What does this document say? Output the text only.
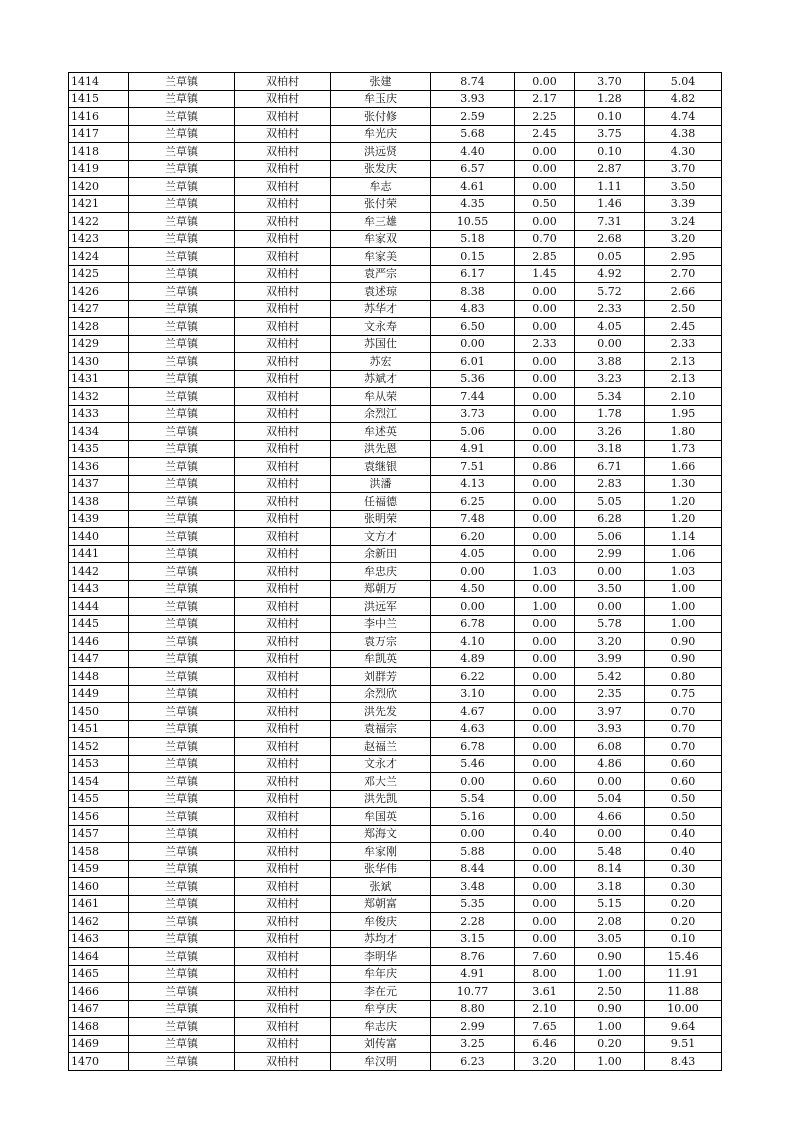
1414	兰草镇	双柏村	张建	8.74	0.00	3.70	5.04
1415	兰草镇	双柏村	牟玉庆	3.93	2.17	1.28	4.82
1416	兰草镇	双柏村	张付修	2.59	2.25	0.10	4.74
1417	兰草镇	双柏村	牟光庆	5.68	2.45	3.75	4.38
1418	兰草镇	双柏村	洪远贤	4.40	0.00	0.10	4.30
1419	兰草镇	双柏村	张发庆	6.57	0.00	2.87	3.70
1420	兰草镇	双柏村	牟志	4.61	0.00	1.11	3.50
1421	兰草镇	双柏村	张付荣	4.35	0.50	1.46	3.39
1422	兰草镇	双柏村	牟三雄	10.55	0.00	7.31	3.24
1423	兰草镇	双柏村	牟家双	5.18	0.70	2.68	3.20
1424	兰草镇	双柏村	牟家美	0.15	2.85	0.05	2.95
1425	兰草镇	双柏村	袁严宗	6.17	1.45	4.92	2.70
1426	兰草镇	双柏村	袁述琼	8.38	0.00	5.72	2.66
1427	兰草镇	双柏村	苏华才	4.83	0.00	2.33	2.50
1428	兰草镇	双柏村	文永寿	6.50	0.00	4.05	2.45
1429	兰草镇	双柏村	苏国仕	0.00	2.33	0.00	2.33
1430	兰草镇	双柏村	苏宏	6.01	0.00	3.88	2.13
1431	兰草镇	双柏村	苏斌才	5.36	0.00	3.23	2.13
1432	兰草镇	双柏村	牟从荣	7.44	0.00	5.34	2.10
1433	兰草镇	双柏村	余烈江	3.73	0.00	1.78	1.95
1434	兰草镇	双柏村	牟述英	5.06	0.00	3.26	1.80
1435	兰草镇	双柏村	洪先恩	4.91	0.00	3.18	1.73
1436	兰草镇	双柏村	袁继银	7.51	0.86	6.71	1.66
1437	兰草镇	双柏村	洪潘	4.13	0.00	2.83	1.30
1438	兰草镇	双柏村	任福德	6.25	0.00	5.05	1.20
1439	兰草镇	双柏村	张明荣	7.48	0.00	6.28	1.20
1440	兰草镇	双柏村	文方才	6.20	0.00	5.06	1.14
1441	兰草镇	双柏村	余新田	4.05	0.00	2.99	1.06
1442	兰草镇	双柏村	牟忠庆	0.00	1.03	0.00	1.03
1443	兰草镇	双柏村	郑朝万	4.50	0.00	3.50	1.00
1444	兰草镇	双柏村	洪远军	0.00	1.00	0.00	1.00
1445	兰草镇	双柏村	李中兰	6.78	0.00	5.78	1.00
1446	兰草镇	双柏村	袁万宗	4.10	0.00	3.20	0.90
1447	兰草镇	双柏村	牟凯英	4.89	0.00	3.99	0.90
1448	兰草镇	双柏村	刘群芳	6.22	0.00	5.42	0.80
1449	兰草镇	双柏村	余烈欣	3.10	0.00	2.35	0.75
1450	兰草镇	双柏村	洪先发	4.67	0.00	3.97	0.70
1451	兰草镇	双柏村	袁福宗	4.63	0.00	3.93	0.70
1452	兰草镇	双柏村	赵福兰	6.78	0.00	6.08	0.70
1453	兰草镇	双柏村	文永才	5.46	0.00	4.86	0.60
1454	兰草镇	双柏村	邓大兰	0.00	0.60	0.00	0.60
1455	兰草镇	双柏村	洪先凯	5.54	0.00	5.04	0.50
1456	兰草镇	双柏村	牟国英	5.16	0.00	4.66	0.50
1457	兰草镇	双柏村	郑海文	0.00	0.40	0.00	0.40
1458	兰草镇	双柏村	牟家刚	5.88	0.00	5.48	0.40
1459	兰草镇	双柏村	张华伟	8.44	0.00	8.14	0.30
1460	兰草镇	双柏村	张斌	3.48	0.00	3.18	0.30
1461	兰草镇	双柏村	郑朝富	5.35	0.00	5.15	0.20
1462	兰草镇	双柏村	牟俊庆	2.28	0.00	2.08	0.20
1463	兰草镇	双柏村	苏均才	3.15	0.00	3.05	0.10
1464	兰草镇	双柏村	李明华	8.76	7.60	0.90	15.46
1465	兰草镇	双柏村	牟年庆	4.91	8.00	1.00	11.91
1466	兰草镇	双柏村	李在元	10.77	3.61	2.50	11.88
1467	兰草镇	双柏村	牟亨庆	8.80	2.10	0.90	10.00
1468	兰草镇	双柏村	牟志庆	2.99	7.65	1.00	9.64
1469	兰草镇	双柏村	刘传富	3.25	6.46	0.20	9.51
1470	兰草镇	双柏村	牟汉明	6.23	3.20	1.00	8.43
